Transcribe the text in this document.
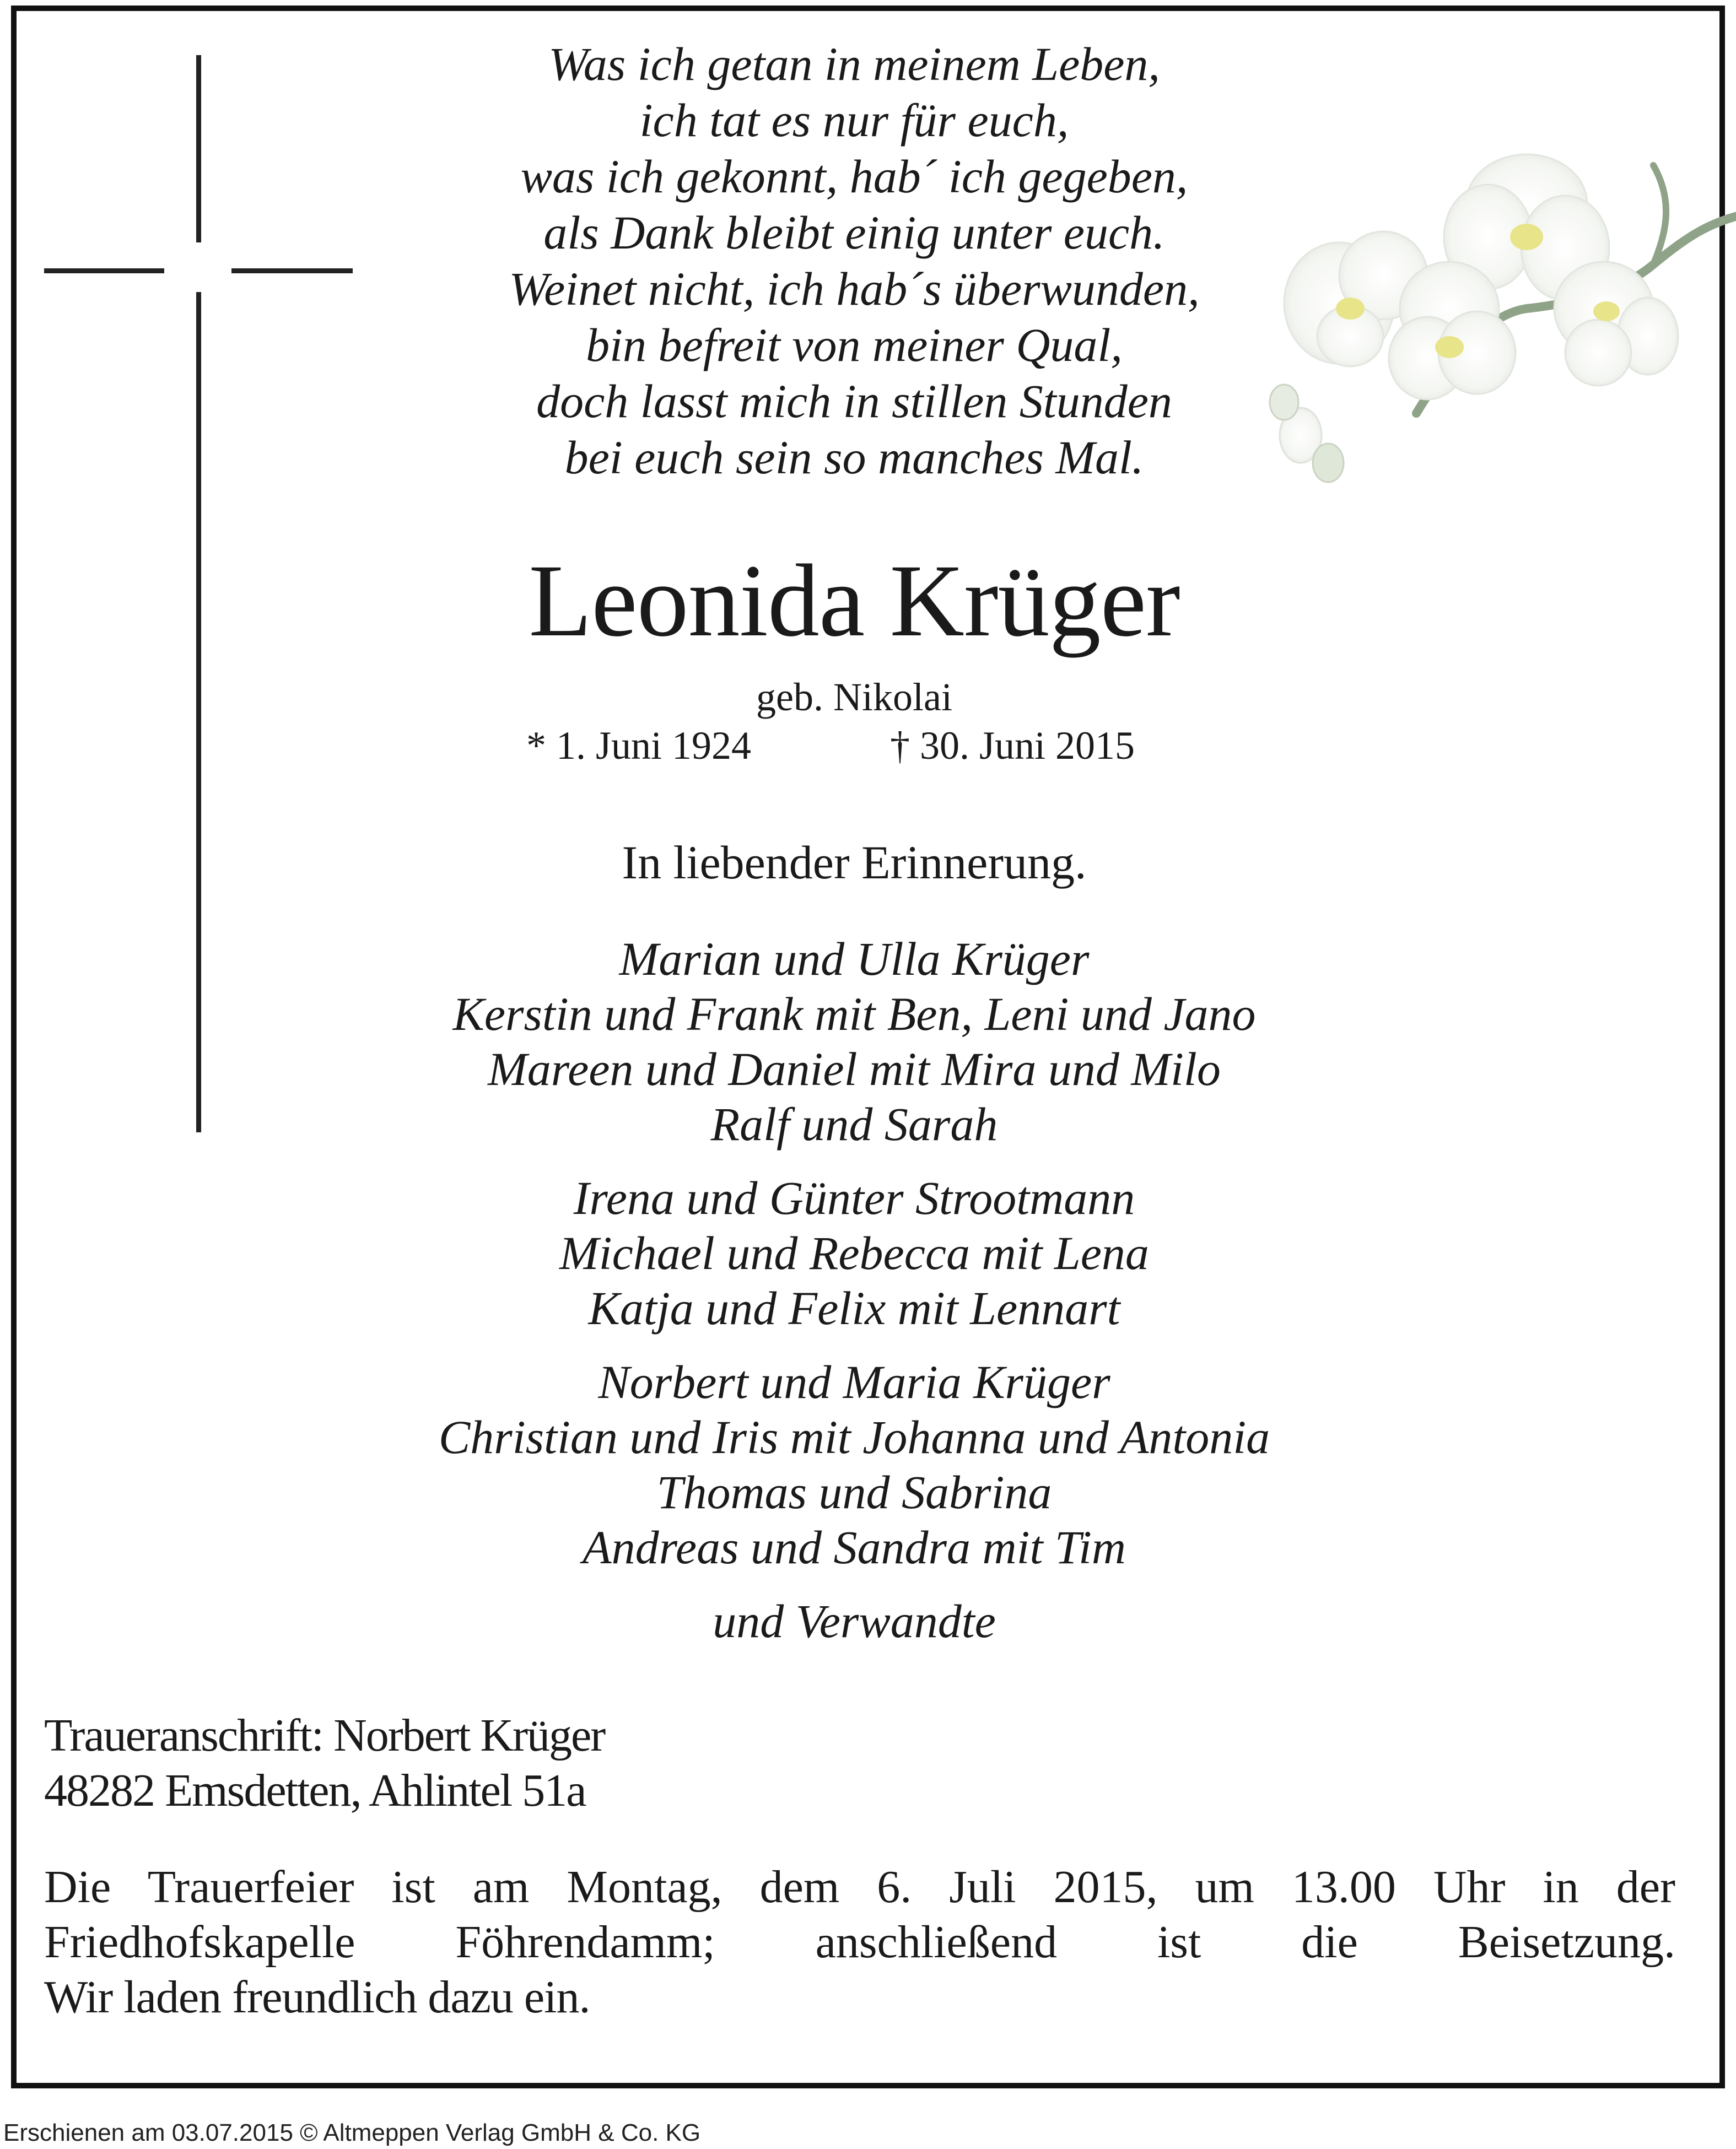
Was ich getan in meinem Leben,
ich tat es nur für euch,
was ich gekonnt, hab´ ich gegeben,
als Dank bleibt einig unter euch.
Weinet nicht, ich hab´s überwunden,
bin befreit von meiner Qual,
doch lasst mich in stillen Stunden
bei euch sein so manches Mal.
Leonida Krüger
geb. Nikolai
* 1. Juni 1924	† 30. Juni 2015
In liebender Erinnerung.
Marian und Ulla Krüger
Kerstin und Frank mit Ben, Leni und Jano
Mareen und Daniel mit Mira und Milo
Ralf und Sarah
Irena und Günter Strootmann
Michael und Rebecca mit Lena
Katja und Felix mit Lennart
Norbert und Maria Krüger
Christian und Iris mit Johanna und Antonia
Thomas und Sabrina
Andreas und Sandra mit Tim
und Verwandte
Traueranschrift: Norbert Krüger
48282 Emsdetten, Ahlintel 51a
Die Trauerfeier ist am Montag, dem 6. Juli 2015, um 13.00 Uhr in der
Friedhofskapelle Föhrendamm; anschließend ist die Beisetzung.
Wir laden freundlich dazu ein.
Erschienen am 03.07.2015 © Altmeppen Verlag GmbH & Co. KG
